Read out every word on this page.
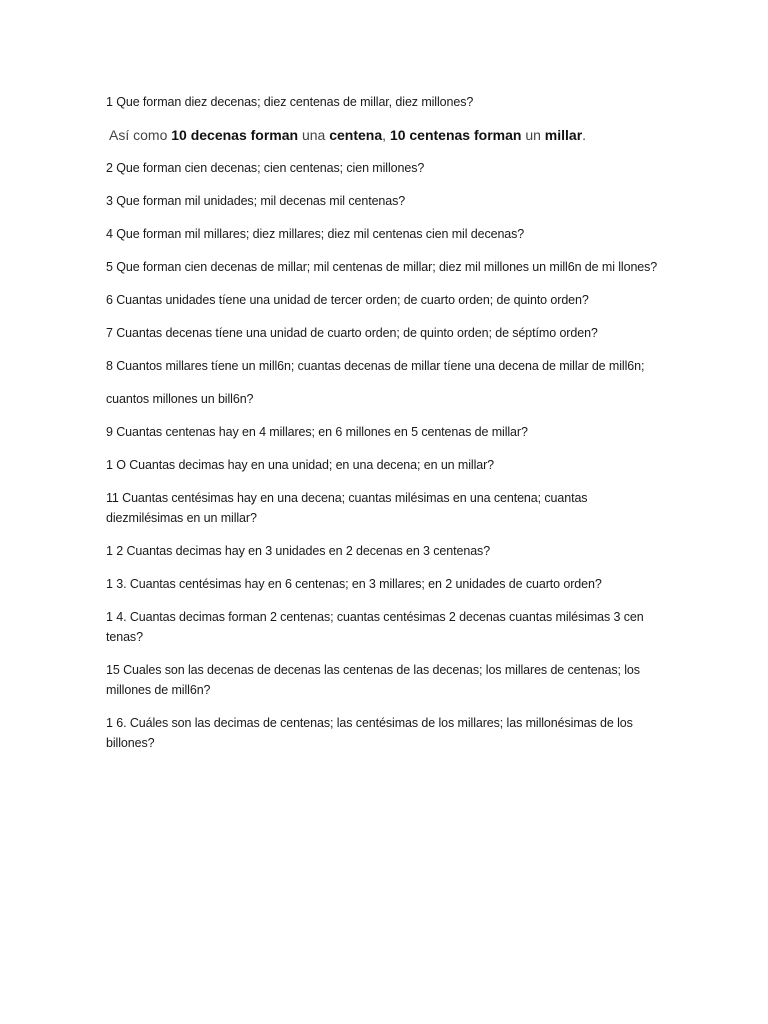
1 Que forman diez decenas; diez centenas de millar, diez millones?

Así como 10 decenas forman una centena, 10 centenas forman un millar.

2 Que forman cien decenas; cien centenas; cien millones?

3 Que forman mil unidades; mil decenas mil centenas?

4 Que forman mil millares; diez millares; diez mil centenas cien mil decenas?

5 Que forman cien decenas de millar; mil centenas de millar; diez mil millones un mill6n de mi llones?

6 Cuantas unidades tíene una unidad de tercer orden; de cuarto orden; de quinto orden?

7 Cuantas decenas tíene una unidad de cuarto orden; de quinto orden; de séptímo orden?

8 Cuantos millares tíene un mill6n; cuantas decenas de millar tíene una decena de millar de mill6n;

cuantos millones un bill6n?

9 Cuantas centenas hay en 4 millares; en 6 millones en 5 centenas de millar?

1 O Cuantas decimas hay en una unidad; en una decena; en un millar?

11 Cuantas centésimas hay en una decena; cuantas milésimas en una centena; cuantas diezmilésimas en un millar?

1 2 Cuantas decimas hay en 3 unidades en 2 decenas en 3 centenas?

1 3. Cuantas centésimas hay en 6 centenas; en 3 millares; en 2 unidades de cuarto orden?

1 4. Cuantas decimas forman 2 centenas; cuantas centésimas 2 decenas cuantas milésimas 3 cen tenas?

15 Cuales son las decenas de decenas las centenas de las decenas; los millares de centenas; los millones de mill6n?

1 6. Cuáles son las decimas de centenas; las centésimas de los millares; las millonésimas de los billones?
